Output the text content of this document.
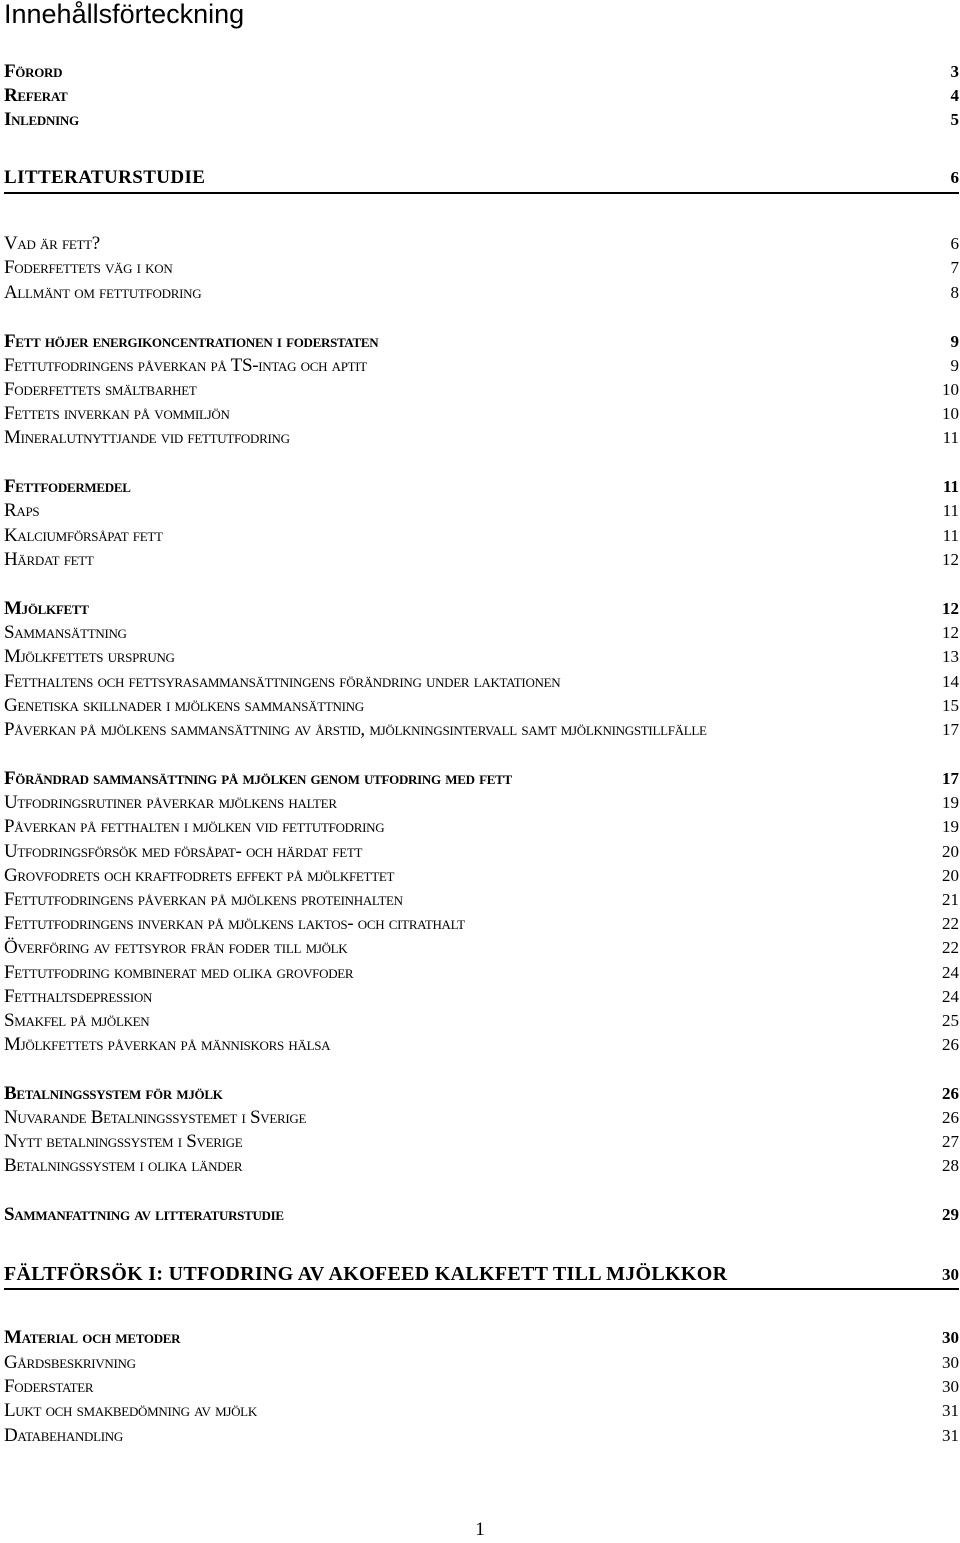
Innehållsförteckning
Förord	3
Referat	4
Inledning	5
LITTERATURSTUDIE	6
Vad är fett?	6
Foderfettets väg i kon	7
Allmänt om fettutfodring	8
Fett höjer energikoncentrationen i foderstaten	9
Fettutfodringens påverkan på TS-intag och aptit	9
Foderfettets smältbarhet	10
Fettets inverkan på vommiljön	10
Mineralutnyttjande vid fettutfodring	11
Fettfodermedel	11
Raps	11
Kalciumförsåpat fett	11
Härdat fett	12
Mjölkfett	12
Sammansättning	12
Mjölkfettets ursprung	13
Fetthaltens och fettsyrasammansättningens förändring under laktationen	14
Genetiska skillnader i mjölkens sammansättning	15
Påverkan på mjölkens sammansättning av årstid, mjölkningsintervall samt mjölkningstillfälle	17
Förändrad sammansättning på mjölken genom utfodring med fett	17
Utfodringsrutiner påverkar mjölkens halter	19
Påverkan på fetthalten i mjölken vid fettutfodring	19
Utfodringsförsök med försåpat- och härdat fett	20
Grovfodrets och kraftfodrets effekt på mjölkfettet	20
Fettutfodringens påverkan på mjölkens proteinhalten	21
Fettutfodringens inverkan på mjölkens laktos- och citrathalt	22
Överföring av fettsyror från foder till mjölk	22
Fettutfodring kombinerat med olika grovfoder	24
Fetthaltsdepression	24
Smakfel på mjölken	25
Mjölkfettets påverkan på människors hälsa	26
Betalningssystem för mjölk	26
Nuvarande Betalningssystemet i Sverige	26
Nytt betalningssystem i Sverige	27
Betalningssystem i olika länder	28
Sammanfattning av litteraturstudie	29
FÄLTFÖRSÖK I: UTFODRING AV AKOFEED KALKFETT TILL MJÖLKKOR	30
Material och metoder	30
Gårdsbeskrivning	30
Foderstater	30
Lukt och smakbedömning av mjölk	31
Databehandling	31
1
